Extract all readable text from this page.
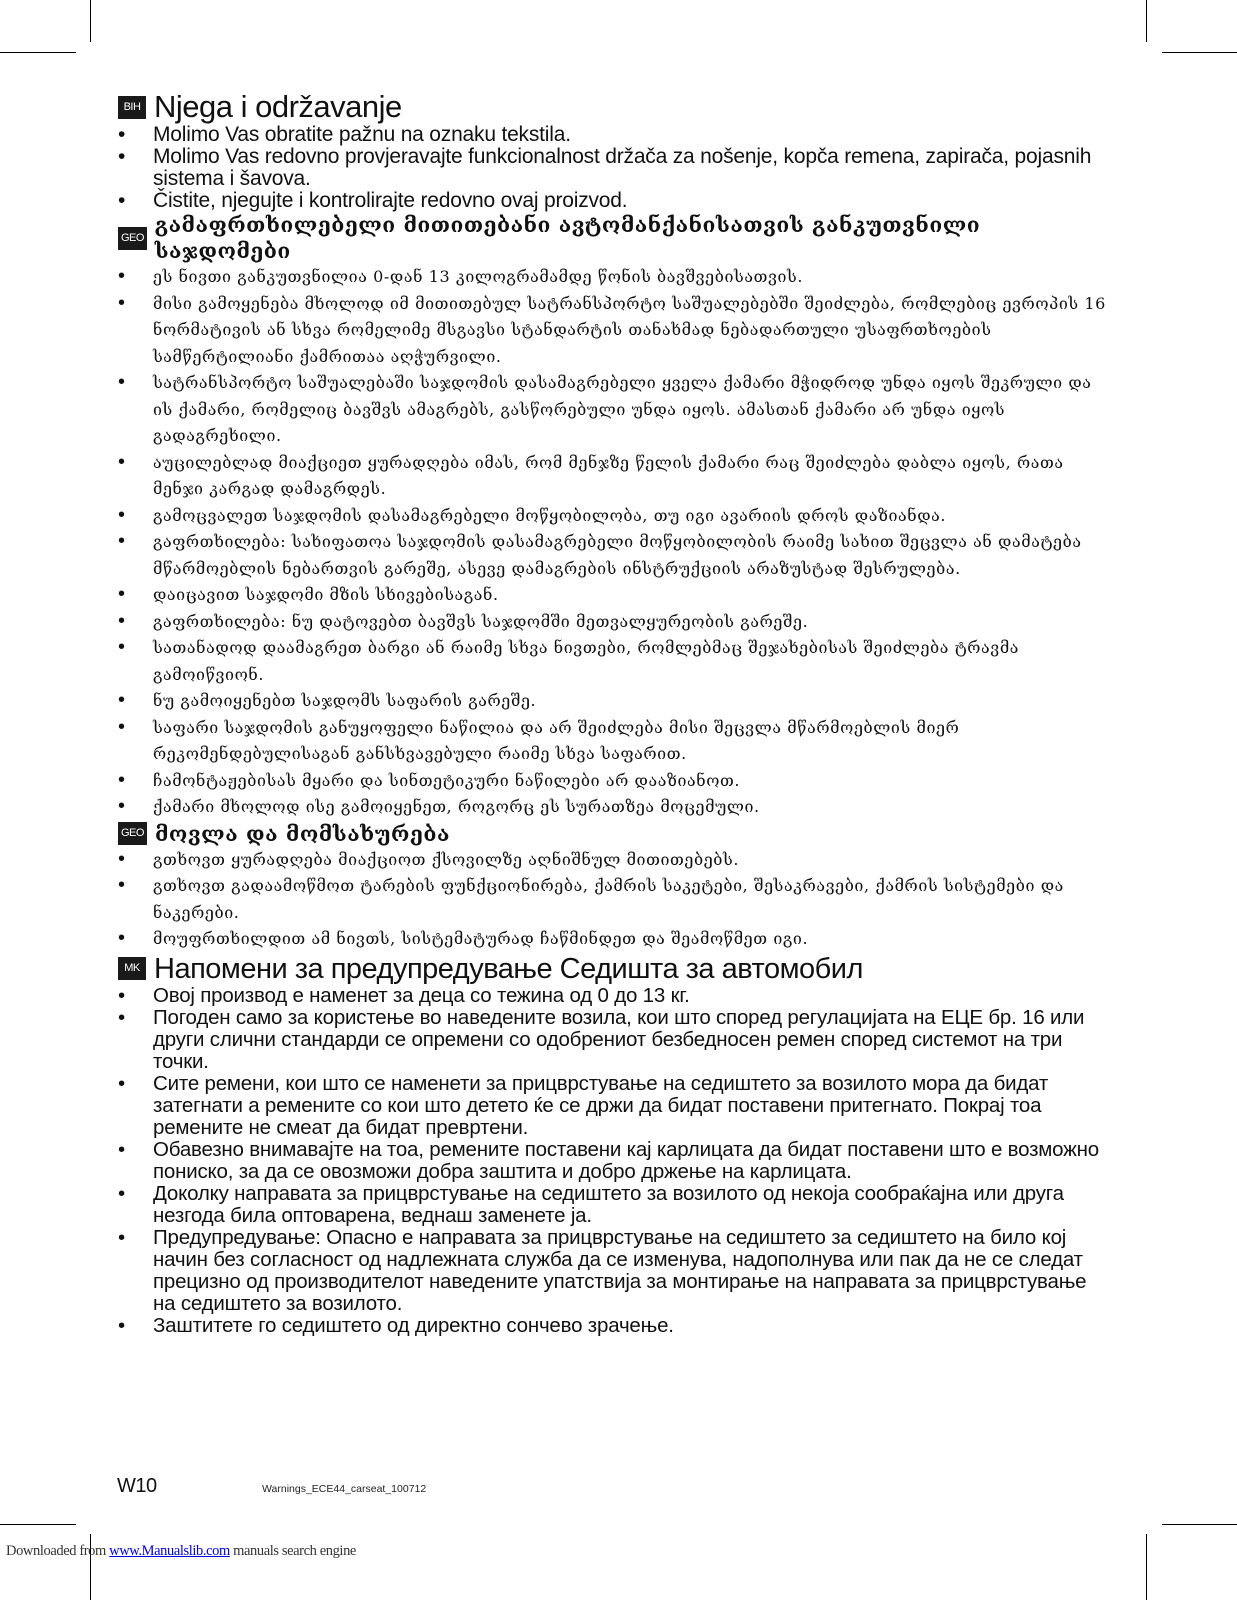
BIH Njega i održavanje
• Molimo Vas obratite pažnu na oznaku tekstila.
• Molimo Vas redovno provjeravajte funkcionalnost držača za nošenje, kopča remena, zapirača, pojasnih sistema i šavova.
• Čistite, njegujte i kontrolirajte redovno ovaj proizvod.
GEO
გამაფრთხილებელი მითითებანი ავტომანქანისათვის განკუთვნილი საჯდომები
• ეს ნივთი განკუთვნილია 0-დან 13 კილოგრამამდე წონის ბავშვებისათვის.
• მისი გამოყენება მხოლოდ იმ მითითებულ სატრანსპორტო საშუალებებში შეიძლება, რომლებიც ევროპის 16 ნორმატივის ან სხვა რომელიმე მსგავსი სტანდარტის თანახმად ნებადართული უსაფრთხოების სამწერტილიანი ქამრითაა აღჭურვილი.
• სატრანსპორტო საშუალებაში საჯდომის დასამაგრებელი ყველა ქამარი მჭიდროდ უნდა იყოს შეკრული და ის ქამარი, რომელიც ბავშვს ამაგრებს, გასწორებული უნდა იყოს. ამასთან ქამარი არ უნდა იყოს გადაგრეხილი.
• აუცილებლად მიაქციეთ ყურადღება იმას, რომ მენჯზე წელის ქამარი რაც შეიძლება დაბლა იყოს, რათა მენჯი კარგად დამაგრდეს.
• გამოცვალეთ საჯდომის დასამაგრებელი მოწყობილობა, თუ იგი ავარიის დროს დაზიანდა.
• გაფრთხილება: სახიფათოა საჯდომის დასამაგრებელი მოწყობილობის რაიმე სახით შეცვლა ან დამატება მწარმოებლის ნებართვის გარეშე, ასევე დამაგრების ინსტრუქციის არაზუსტად შესრულება.
• დაიცავით საჯდომი მზის სხივებისაგან.
• გაფრთხილება: ნუ დატოვებთ ბავშვს საჯდომში მეთვალყურეობის გარეშე.
• სათანადოდ დაამაგრეთ ბარგი ან რაიმე სხვა ნივთები, რომლებმაც შეჯახებისას შეიძლება ტრავმა გამოიწვიონ.
• ნუ გამოიყენებთ საჯდომს საფარის გარეშე.
• საფარი საჯდომის განუყოფელი ნაწილია და არ შეიძლება მისი შეცვლა მწარმოებლის მიერ რეკომენდებულისაგან განსხვავებული რაიმე სხვა საფარით.
• ჩამონტაჟებისას მყარი და სინთეტიკური ნაწილები არ დააზიანოთ.
• ქამარი მხოლოდ ისე გამოიყენეთ, როგორც ეს სურათზეა მოცემული.
GEO მოვლა და მომსახურება
• გთხოვთ ყურადღება მიაქციოთ ქსოვილზე აღნიშნულ მითითებებს.
• გთხოვთ გადაამოწმოთ ტარების ფუნქციონირება, ქამრის საკეტები, შესაკრავები, ქამრის სისტემები და ნაკერები.
• მოუფრთხილდით ამ ნივთს, სისტემატურად ჩაწმინდეთ და შეამოწმეთ იგი.
MK Напомени за предупредување Седишта за автомобил
• Овој производ е наменет за деца со тежина од 0 до 13 кг.
• Погоден само за користење во наведените возила, кои што според регулацијата на ЕЦЕ бр. 16 или други слични стандарди се опремени со одобрениот безбедносен ремен според системот на три точки.
• Сите ремени, кои што се наменети за прицврстување на седиштето за возилото мора да бидат затегнати а ремените со кои што детето ќе се држи да бидат поставени притегнато. Покрај тоа ремените не смеат да бидат превртени.
• Обавезно внимавајте на тоа, ремените поставени кај карлицата да бидат поставени што е возможно пониско, за да се овозможи добра заштита и добро држење на карлицата.
• Доколку направата за прицврстување на седиштето за возилото од некоја сообраќајна или друга незгода била оптоварена, веднаш заменете ја.
• Предупредување: Опасно е направата за прицврстување на седиштето за седиштето на било кој начин без согласност од надлежната служба да се изменува, надополнува или пак да не се следат прецизно од производителот наведените упатствија за монтирање на направата за прицврстување на седиштето за возилото.
• Заштитете го седиштето од директно сончево зрачење.
W10	Warnings_ECE44_carseat_100712
Downloaded from www.Manualslib.com manuals search engine
